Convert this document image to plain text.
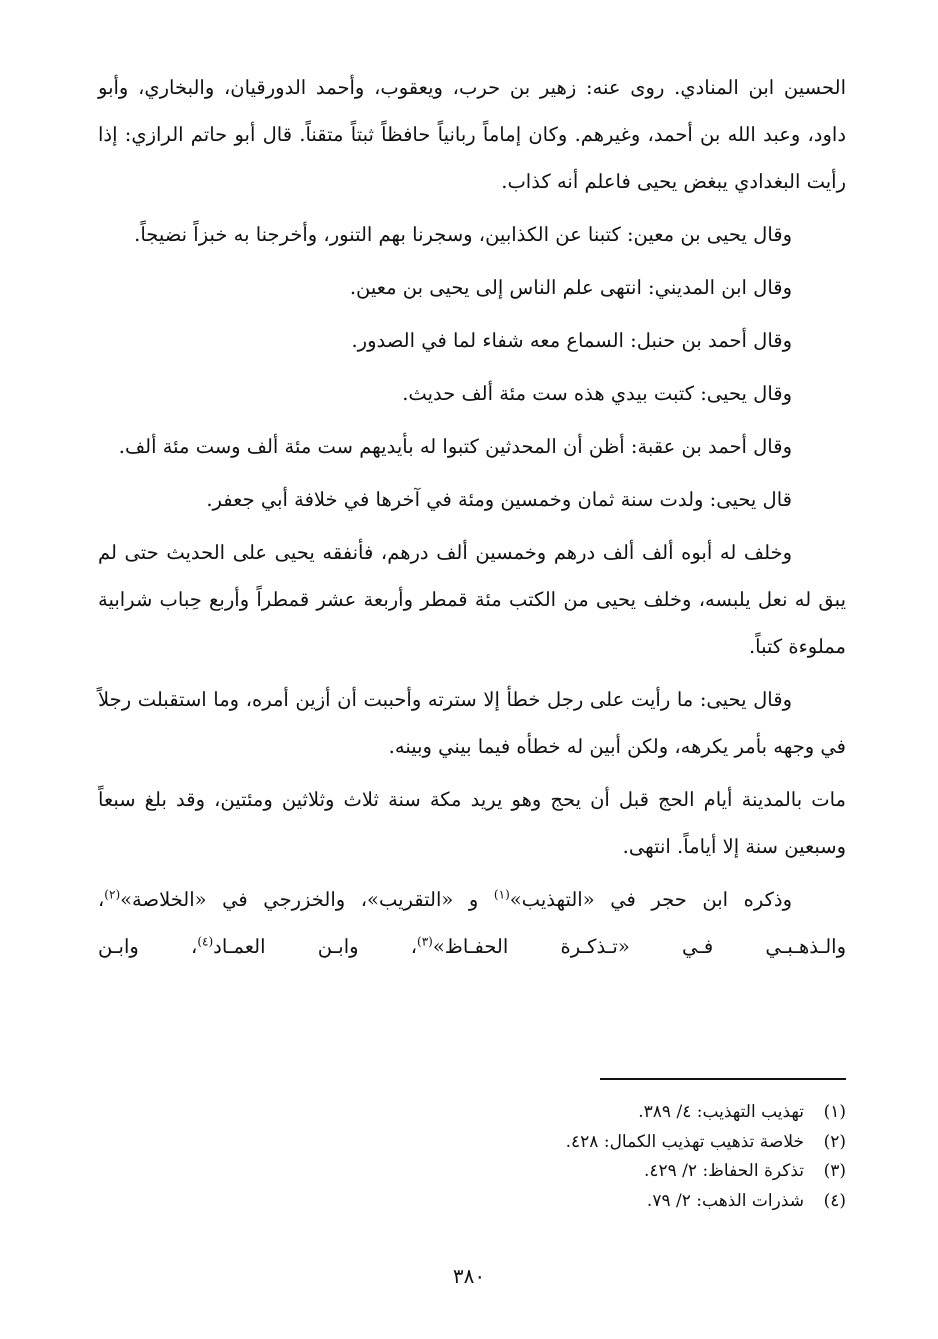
الحسين ابن المنادي. روى عنه: زهير بن حرب، ويعقوب، وأحمد الدورقيان، والبخاري، وأبو داود، وعبد الله بن أحمد، وغيرهم. وكان إماماً ربانياً حافظاً ثبتاً متقناً. قال أبو حاتم الرازي: إذا رأيت البغدادي يبغض يحيى فاعلم أنه كذاب.

وقال يحيى بن معين: كتبنا عن الكذابين، وسجرنا بهم التنور، وأخرجنا به خبزاً نضيجاً.

وقال ابن المديني: انتهى علم الناس إلى يحيى بن معين.

وقال أحمد بن حنبل: السماع معه شفاء لما في الصدور.

وقال يحيى: كتبت بيدي هذه ست مئة ألف حديث.

وقال أحمد بن عقبة: أظن أن المحدثين كتبوا له بأيديهم ست مئة ألف وست مئة ألف.

قال يحيى: ولدت سنة ثمان وخمسين ومئة في آخرها في خلافة أبي جعفر.

وخلف له أبوه ألف ألف درهم وخمسين ألف درهم، فأنفقه يحيى على الحديث حتى لم يبق له نعل يلبسه، وخلف يحيى من الكتب مئة قمطر وأربعة عشر قمطراً وأربع حِباب شرابية مملوءة كتباً.

وقال يحيى: ما رأيت على رجل خطأ إلا سترته وأحببت أن أزين أمره، وما استقبلت رجلاً في وجهه بأمر يكرهه، ولكن أبين له خطأه فيما بيني وبينه.

مات بالمدينة أيام الحج قبل أن يحج وهو يريد مكة سنة ثلاث وثلاثين ومئتين، وقد بلغ سبعاً وسبعين سنة إلا أياماً. انتهى.

وذكره ابن حجر في «التهذيب»$^{(١)}$ و «التقريب»، والخزرجي في «الخلاصة»$^{(٢)}$، والـذهـبـي فـي «تـذكـرة الحفـاظ»$^{(٣)}$، وابـن العمـاد$^{(٤)}$، وابـن

(١)
تهذيب التهذيب: ٤/ ٣٨٩.
(٢)
خلاصة تذهيب تهذيب الكمال: ٤٢٨.
(٣)
تذكرة الحفاظ: ٢/ ٤٢٩.
(٤)
شذرات الذهب: ٢/ ٧٩.
٣٨٠
